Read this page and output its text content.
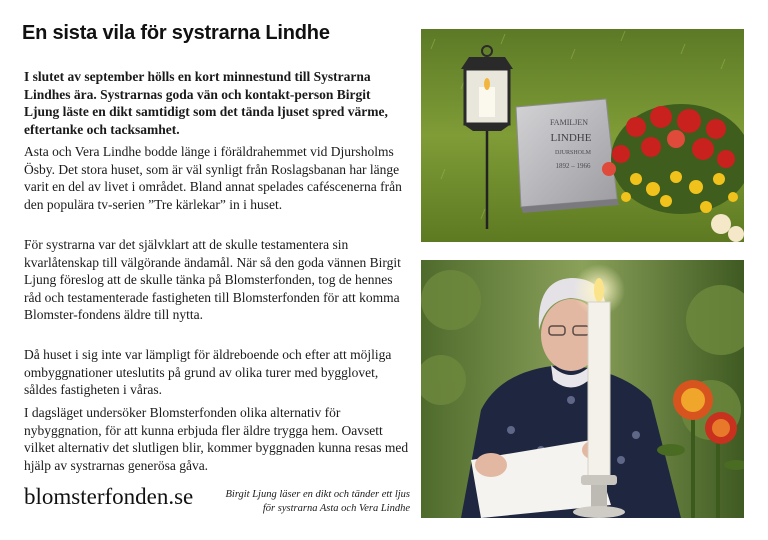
En sista vila för systrarna Lindhe

I slutet av september hölls en kort minnestund till Systrarna Lindhes ära. Systrarnas goda vän och kontakt-person Birgit Ljung läste en dikt samtidigt som det tända ljuset spred värme, eftertanke och tacksamhet.

Asta och Vera Lindhe bodde länge i föräldrahemmet vid Djursholms Ösby. Det stora huset, som är väl synligt från Roslagsbanan har länge varit en del av livet i området. Bland annat spelades caféscenerna från den populära tv-serien ”Tre kärlekar” in i huset.

För systrarna var det självklart att de skulle testamentera sin kvarlåtenskap till välgörande ändamål. När så den goda vännen Birgit Ljung föreslog att de skulle tänka på Blomsterfonden, tog de hennes råd och testamenterade fastigheten till Blomsterfonden för att komma Blomster-fondens äldre till nytta.

Då huset i sig inte var lämpligt för äldreboende och efter att möjliga ombyggnationer uteslutits på grund av olika turer med bygglovet, såldes fastigheten i våras.

I dagsläget undersöker Blomsterfonden olika alternativ för nybyggnation, för att kunna erbjuda fler äldre trygga hem. Oavsett vilket alternativ det slutligen blir, kommer byggnaden kunna resas med hjälp av systrarnas generösa gåva.

blomsterfonden.se	Birgit Ljung läser en dikt och tänder ett ljus för systrarna Asta och Vera Lindhe
FAMILJEN
LINDHE
DJURSHOLM
1892 – 1966
